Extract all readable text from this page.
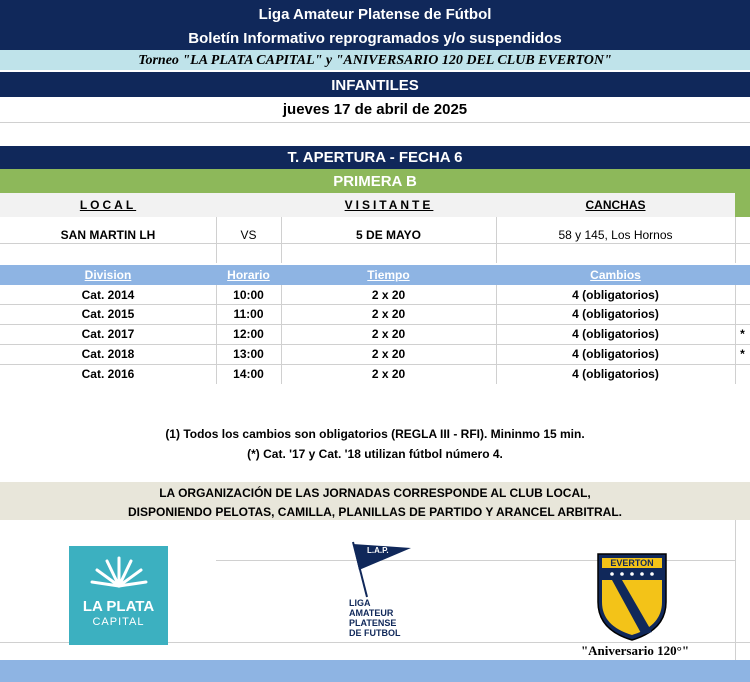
Liga Amateur Platense de Fútbol
Boletín Informativo reprogramados y/o suspendidos
Torneo "LA PLATA CAPITAL" y "ANIVERSARIO 120 DEL CLUB EVERTON"
INFANTILES
jueves 17 de abril de 2025
T. APERTURA - FECHA 6
PRIMERA B
LOCAL	VISITANTE	CANCHAS
SAN MARTIN LH	VS	5 DE MAYO	58 y 145, Los Hornos
Division	Horario	Tiempo	Cambios
Cat. 2014	10:00	2 x 20	4 (obligatorios)
Cat. 2015	11:00	2 x 20	4 (obligatorios)
Cat. 2017	12:00	2 x 20	4 (obligatorios)	*
Cat. 2018	13:00	2 x 20	4 (obligatorios)	*
Cat. 2016	14:00	2 x 20	4 (obligatorios)
(1) Todos los cambios son obligatorios (REGLA III - RFI). Mininmo 15 min.
(*) Cat. '17 y Cat. '18 utilizan fútbol número 4.
LA ORGANIZACIÓN DE LAS JORNADAS CORRESPONDE AL CLUB LOCAL,
DISPONIENDO PELOTAS, CAMILLA, PLANILLAS DE PARTIDO Y ARANCEL ARBITRAL.
LA PLATA
CAPITAL
L.A.P.
LIGA
AMATEUR
PLATENSE
DE FUTBOL
EVERTON
"Aniversario 120°"
